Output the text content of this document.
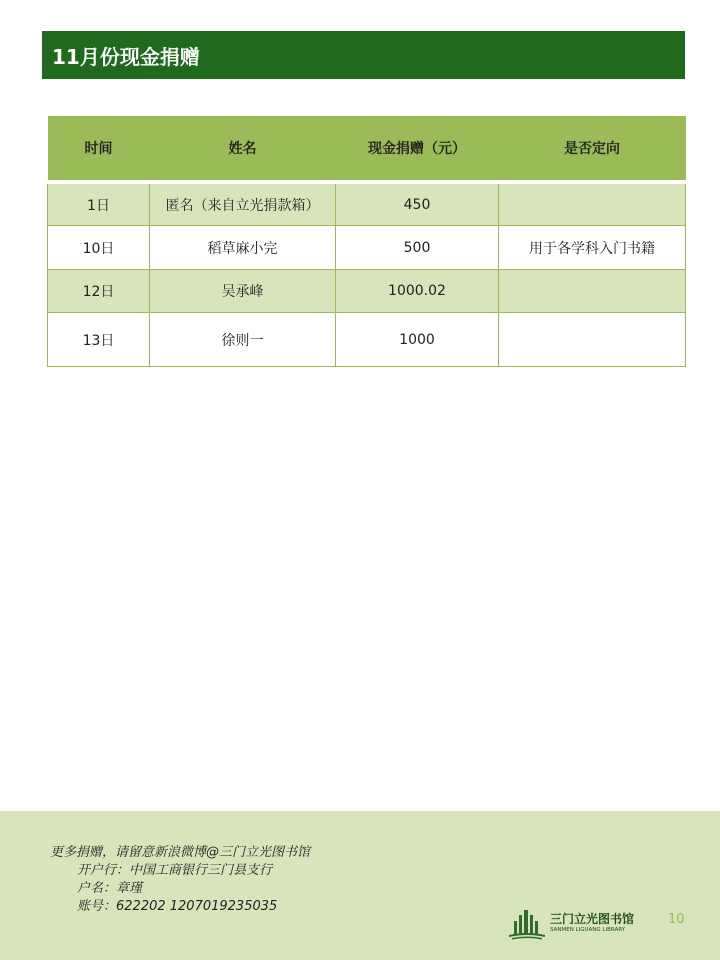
11月份现金捐赠
时间	姓名	现金捐赠（元）	是否定向
1日	匿名（来自立光捐款箱）	450	
10日	稻草麻小完	500	用于各学科入门书籍
12日	吴承峰	1000.02	
13日	徐则一	1000	
更多捐赠，请留意新浪微博@三门立光图书馆
开户行：中国工商银行三门县支行
户名：章瑾
账号：622202 1207019235035
三门立光图书馆
SANMEN LIGUANG LIBRARY
10
